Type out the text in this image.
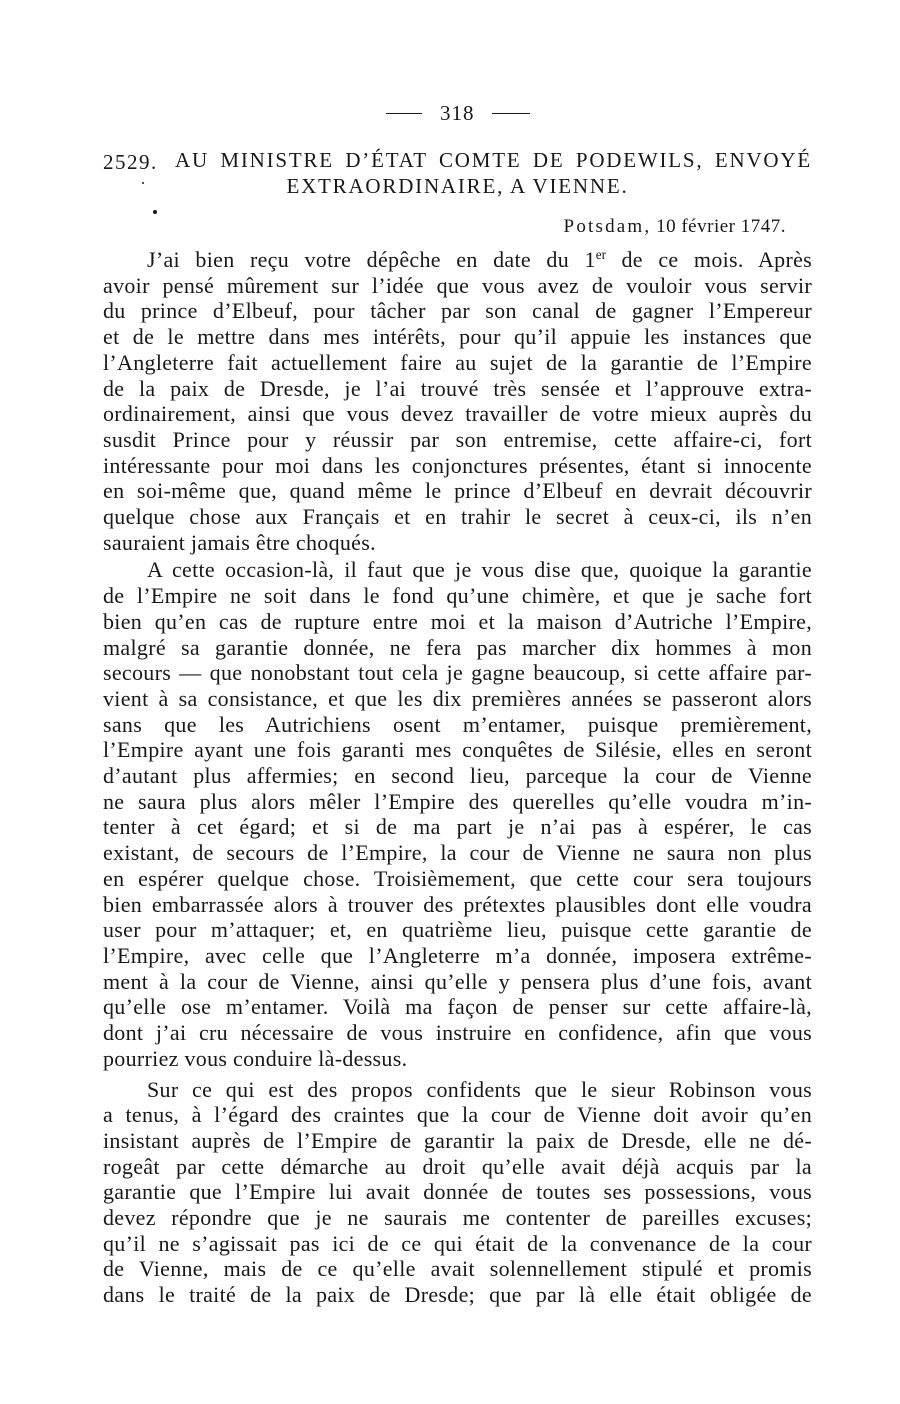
318
2529. AU MINISTRE D’ÉTAT COMTE DE PODEWILS, ENVOYÉ
EXTRAORDINAIRE, A VIENNE.
Potsdam, 10 février 1747.
J’ai bien reçu votre dépêche en date du 1er de ce mois. Après
avoir pensé mûrement sur l’idée que vous avez de vouloir vous servir
du prince d’Elbeuf, pour tâcher par son canal de gagner l’Empereur
et de le mettre dans mes intérêts, pour qu’il appuie les instances que
l’Angleterre fait actuellement faire au sujet de la garantie de l’Empire
de la paix de Dresde, je l’ai trouvé très sensée et l’approuve extra-
ordinairement, ainsi que vous devez travailler de votre mieux auprès du
susdit Prince pour y réussir par son entremise, cette affaire-ci, fort
intéressante pour moi dans les conjonctures présentes, étant si innocente
en soi-même que, quand même le prince d’Elbeuf en devrait découvrir
quelque chose aux Français et en trahir le secret à ceux-ci, ils n’en
sauraient jamais être choqués.
A cette occasion-là, il faut que je vous dise que, quoique la garantie
de l’Empire ne soit dans le fond qu’une chimère, et que je sache fort
bien qu’en cas de rupture entre moi et la maison d’Autriche l’Empire,
malgré sa garantie donnée, ne fera pas marcher dix hommes à mon
secours — que nonobstant tout cela je gagne beaucoup, si cette affaire par-
vient à sa consistance, et que les dix premières années se passeront alors
sans que les Autrichiens osent m’entamer, puisque premièrement,
l’Empire ayant une fois garanti mes conquêtes de Silésie, elles en seront
d’autant plus affermies; en second lieu, parceque la cour de Vienne
ne saura plus alors mêler l’Empire des querelles qu’elle voudra m’in-
tenter à cet égard; et si de ma part je n’ai pas à espérer, le cas
existant, de secours de l’Empire, la cour de Vienne ne saura non plus
en espérer quelque chose. Troisièmement, que cette cour sera toujours
bien embarrassée alors à trouver des prétextes plausibles dont elle voudra
user pour m’attaquer; et, en quatrième lieu, puisque cette garantie de
l’Empire, avec celle que l’Angleterre m’a donnée, imposera extrême-
ment à la cour de Vienne, ainsi qu’elle y pensera plus d’une fois, avant
qu’elle ose m’entamer. Voilà ma façon de penser sur cette affaire-là,
dont j’ai cru nécessaire de vous instruire en confidence, afin que vous
pourriez vous conduire là-dessus.
Sur ce qui est des propos confidents que le sieur Robinson vous
a tenus, à l’égard des craintes que la cour de Vienne doit avoir qu’en
insistant auprès de l’Empire de garantir la paix de Dresde, elle ne dé-
rogeât par cette démarche au droit qu’elle avait déjà acquis par la
garantie que l’Empire lui avait donnée de toutes ses possessions, vous
devez répondre que je ne saurais me contenter de pareilles excuses;
qu’il ne s’agissait pas ici de ce qui était de la convenance de la cour
de Vienne, mais de ce qu’elle avait solennellement stipulé et promis
dans le traité de la paix de Dresde; que par là elle était obligée de
